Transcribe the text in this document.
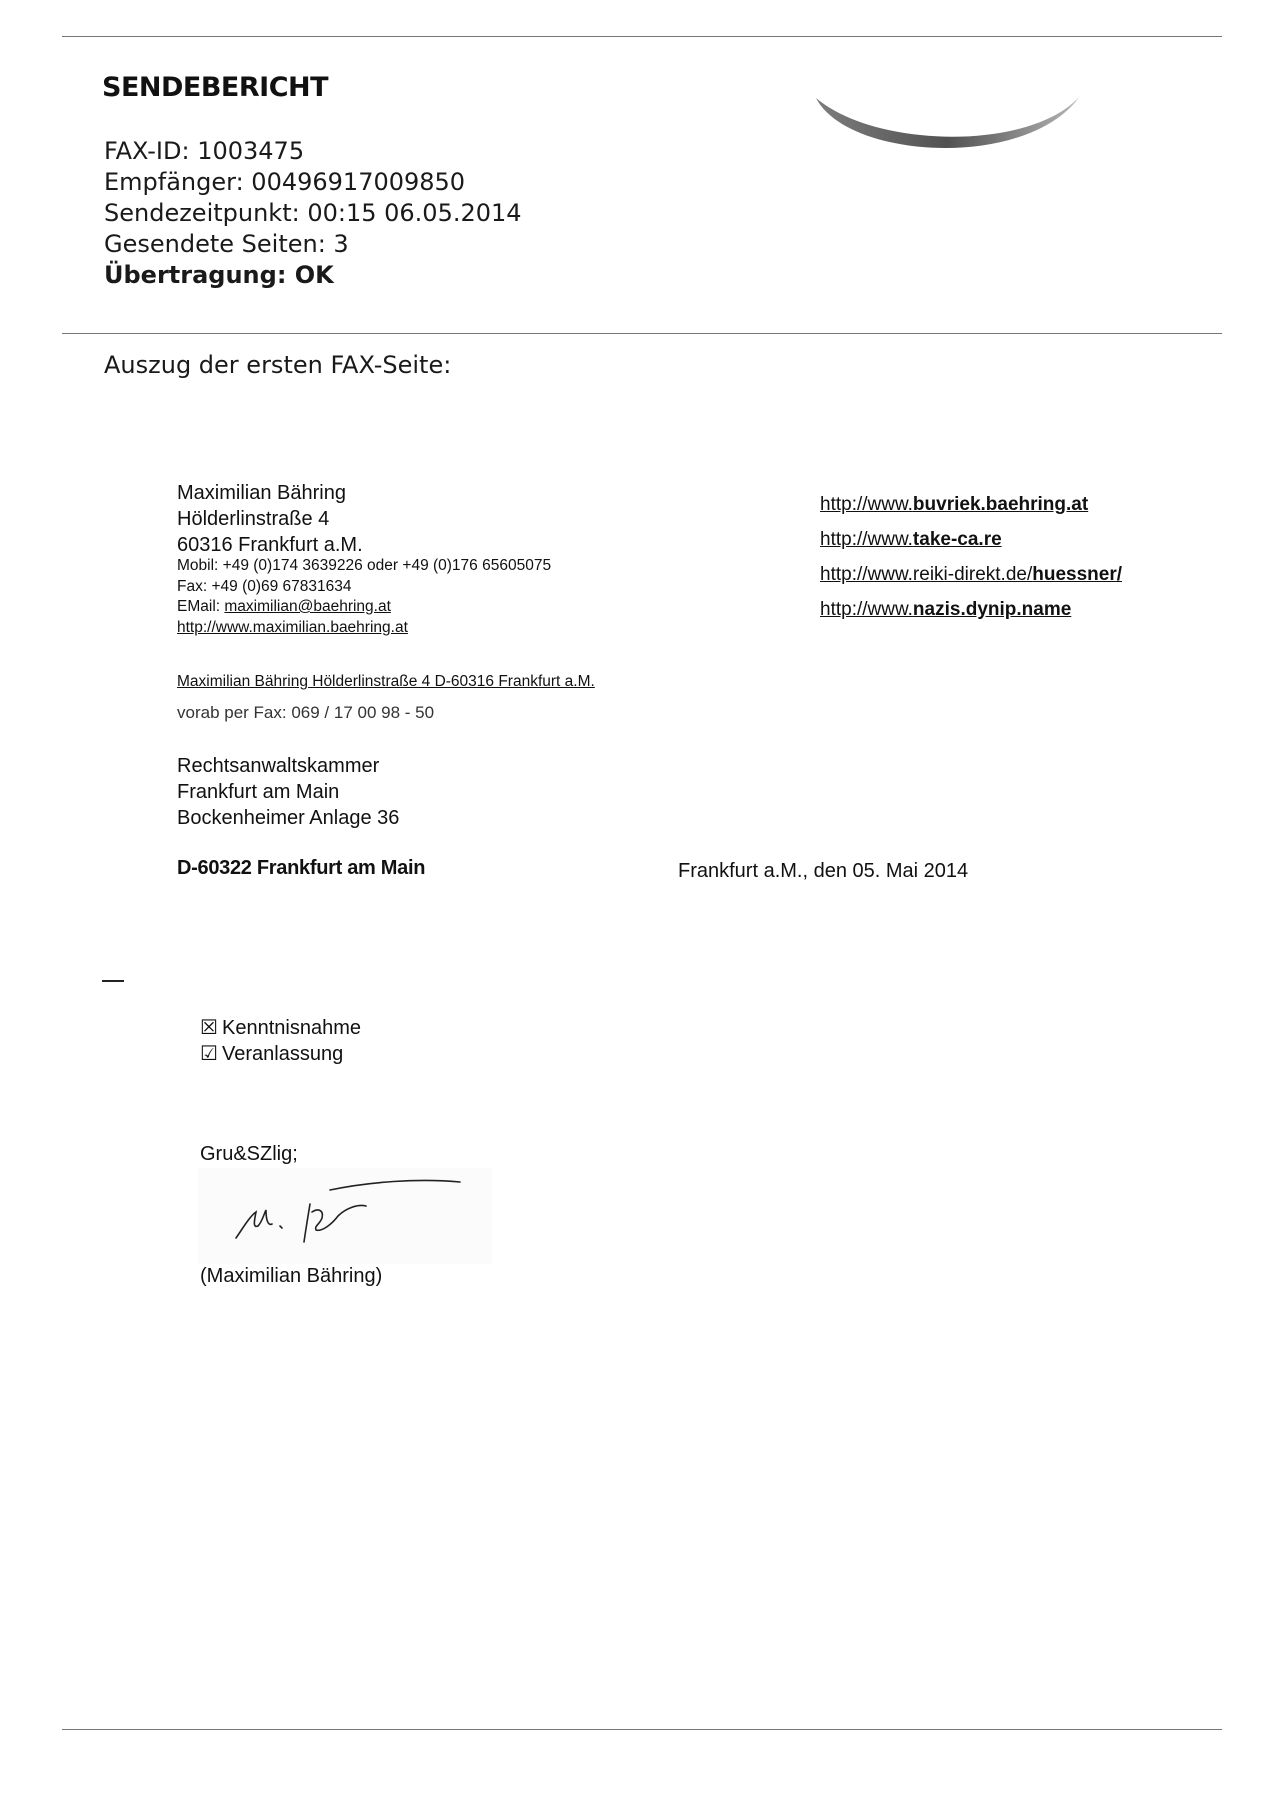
SENDEBERICHT
FAX-ID: 1003475
Empfänger: 00496917009850
Sendezeitpunkt: 00:15 06.05.2014
Gesendete Seiten: 3
Übertragung: OK
Auszug der ersten FAX-Seite:
Maximilian Bähring
Hölderlinstraße 4
60316 Frankfurt a.M.
Mobil: +49 (0)174 3639226 oder +49 (0)176 65605075
Fax: +49 (0)69 67831634
EMail: maximilian@baehring.at
http://www.maximilian.baehring.at
http://www.buvriek.baehring.at
http://www.take-ca.re
http://www.reiki-direkt.de/huessner/
http://www.nazis.dynip.name
Maximilian Bähring Hölderlinstraße 4 D-60316 Frankfurt a.M.
vorab per Fax: 069 / 17 00 98 - 50
Rechtsanwaltskammer
Frankfurt am Main
Bockenheimer Anlage 36
D-60322 Frankfurt am Main	Frankfurt a.M., den 05. Mai 2014
☒ Kenntnisnahme
☑ Veranlassung
Gru&SZlig;
(Maximilian Bähring)
